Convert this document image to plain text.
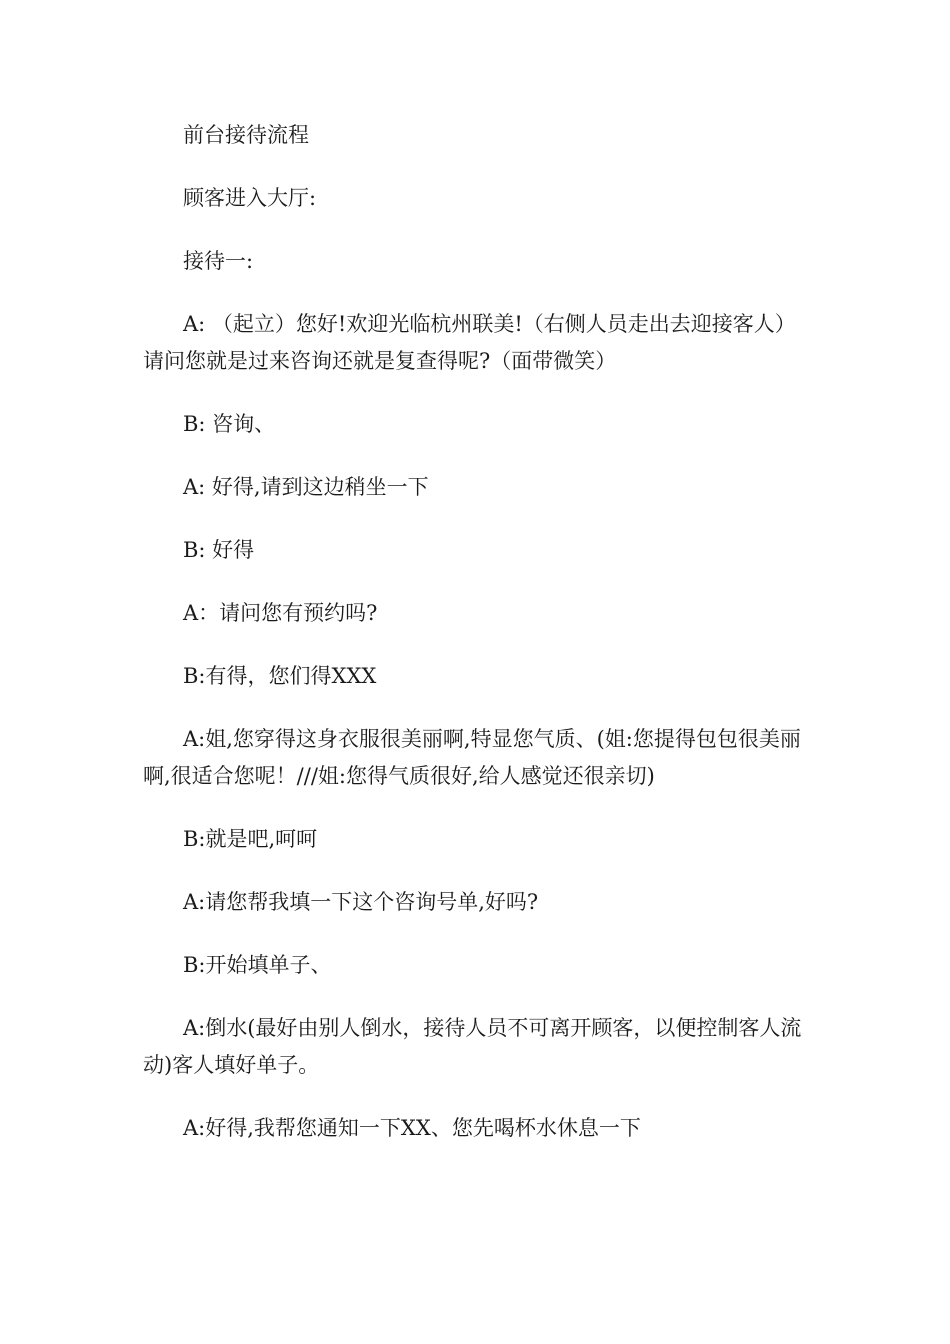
前台接待流程

顾客进入大厅:

接待一:

A: （起立）您好!欢迎光临杭州联美!（右侧人员走出去迎接客人）请问您就是过来咨询还就是复查得呢?（面带微笑）

B: 咨询、

A: 好得,请到这边稍坐一下

B: 好得

A：请问您有预约吗?

B:有得，您们得XXX

A:姐,您穿得这身衣服很美丽啊,特显您气质、(姐:您提得包包很美丽啊,很适合您呢！///姐:您得气质很好,给人感觉还很亲切)

B:就是吧,呵呵

A:请您帮我填一下这个咨询号单,好吗?

B:开始填单子、

A:倒水(最好由别人倒水，接待人员不可离开顾客，以便控制客人流动)客人填好单子。

A:好得,我帮您通知一下XX、您先喝杯水休息一下
